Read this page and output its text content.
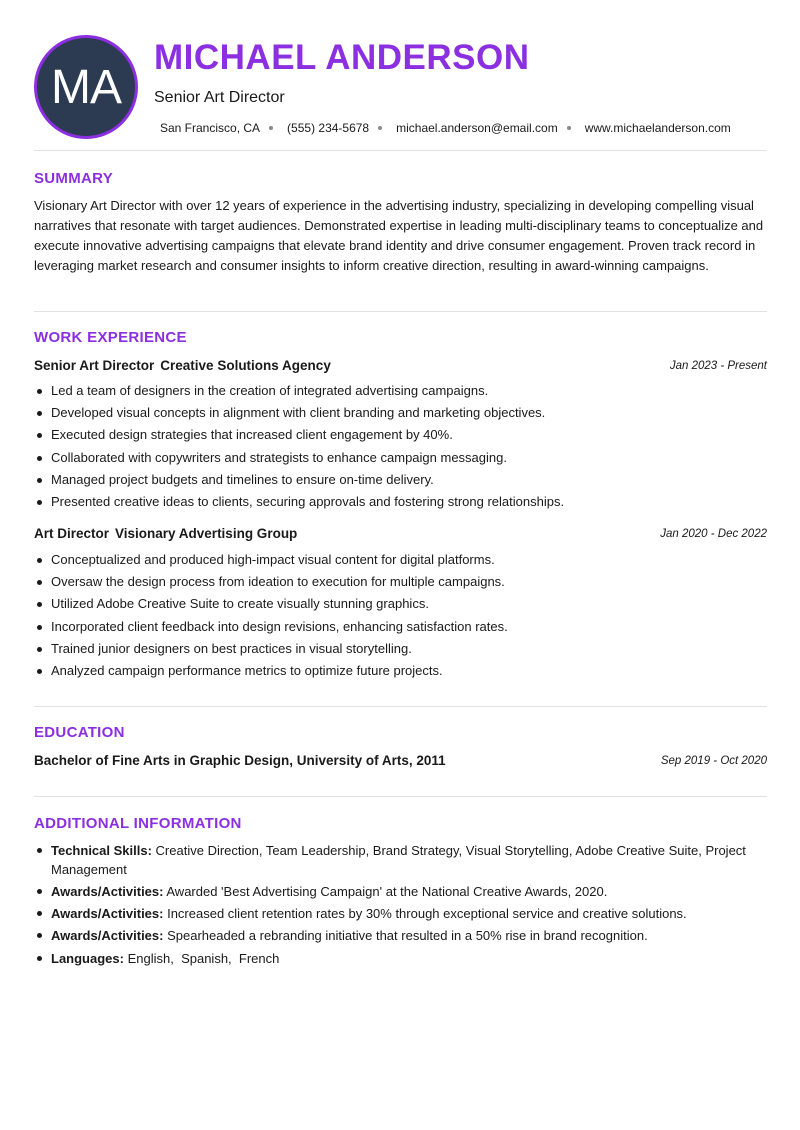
MA
MICHAEL ANDERSON
Senior Art Director
San Francisco, CA (555) 234-5678 michael.anderson@email.com www.michaelanderson.com
SUMMARY
Visionary Art Director with over 12 years of experience in the advertising industry, specializing in developing compelling visual narratives that resonate with target audiences. Demonstrated expertise in leading multi-disciplinary teams to conceptualize and execute innovative advertising campaigns that elevate brand identity and drive consumer engagement. Proven track record in leveraging market research and consumer insights to inform creative direction, resulting in award-winning campaigns.
WORK EXPERIENCE
Senior Art Director Creative Solutions Agency	Jan 2023 - Present
Led a team of designers in the creation of integrated advertising campaigns.
Developed visual concepts in alignment with client branding and marketing objectives.
Executed design strategies that increased client engagement by 40%.
Collaborated with copywriters and strategists to enhance campaign messaging.
Managed project budgets and timelines to ensure on-time delivery.
Presented creative ideas to clients, securing approvals and fostering strong relationships.
Art Director Visionary Advertising Group	Jan 2020 - Dec 2022
Conceptualized and produced high-impact visual content for digital platforms.
Oversaw the design process from ideation to execution for multiple campaigns.
Utilized Adobe Creative Suite to create visually stunning graphics.
Incorporated client feedback into design revisions, enhancing satisfaction rates.
Trained junior designers on best practices in visual storytelling.
Analyzed campaign performance metrics to optimize future projects.
EDUCATION
Bachelor of Fine Arts in Graphic Design, University of Arts, 2011	Sep 2019 - Oct 2020
ADDITIONAL INFORMATION
Technical Skills: Creative Direction, Team Leadership, Brand Strategy, Visual Storytelling, Adobe Creative Suite, Project Management
Awards/Activities: Awarded 'Best Advertising Campaign' at the National Creative Awards, 2020.
Awards/Activities: Increased client retention rates by 30% through exceptional service and creative solutions.
Awards/Activities: Spearheaded a rebranding initiative that resulted in a 50% rise in brand recognition.
Languages: English,  Spanish,  French
